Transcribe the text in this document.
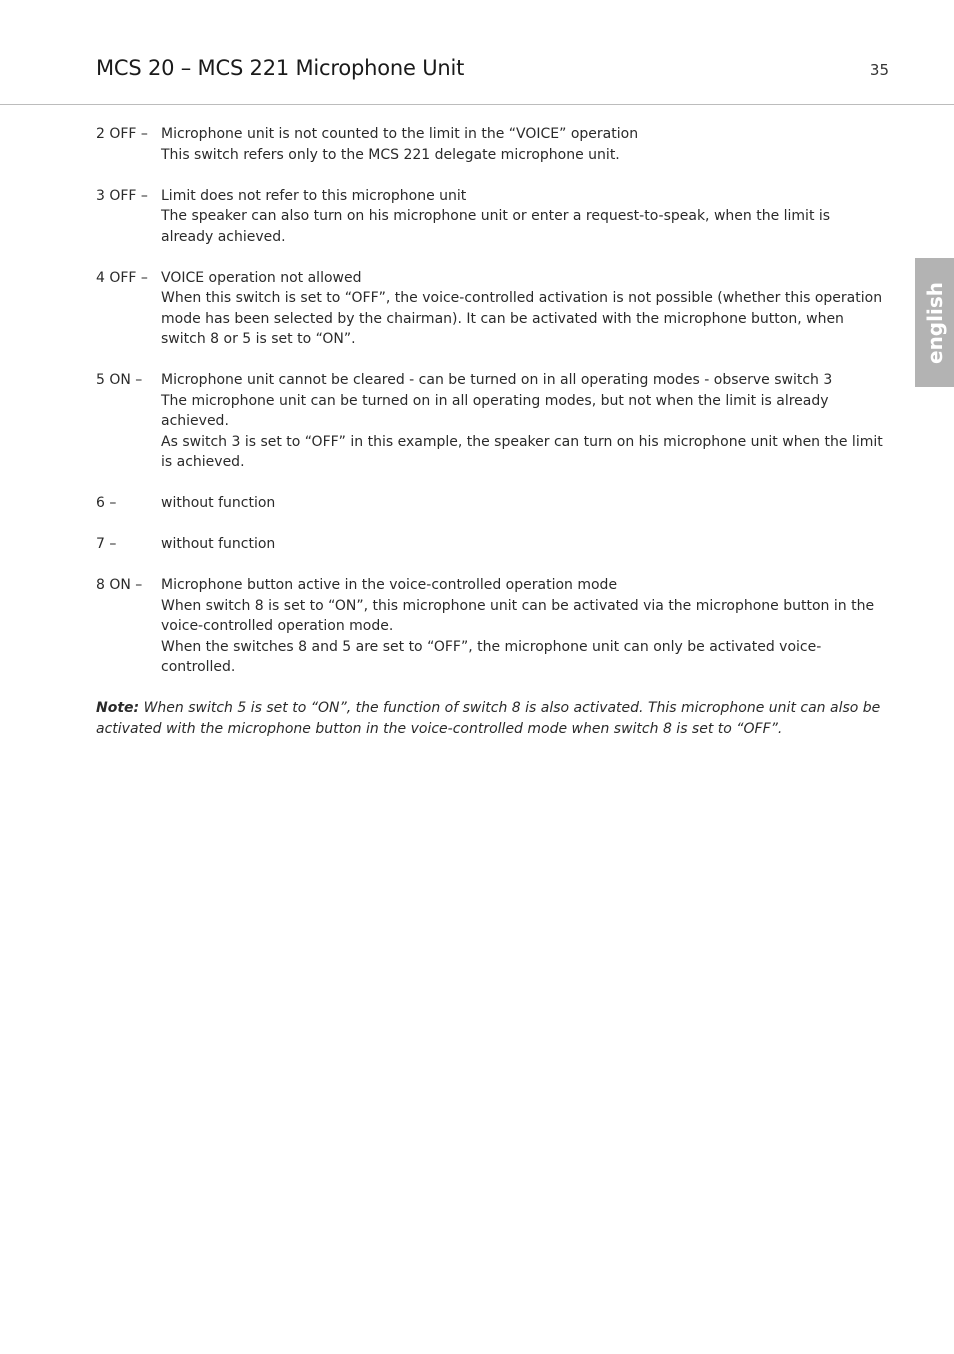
MCS 20 – MCS 221 Microphone Unit	35
english
2 OFF – Microphone unit is not counted to the limit in the “VOICE” operation

This switch refers only to the MCS 221 delegate microphone unit.

3 OFF – Limit does not refer to this microphone unit

The speaker can also turn on his microphone unit or enter a request-to-speak, when the limit is already achieved.

4 OFF – VOICE operation not allowed

When this switch is set to “OFF”, the voice-controlled activation is not possible (whether this operation mode has been selected by the chairman). It can be activated with the microphone button, when switch 8 or 5 is set to “ON”.

5 ON –	Microphone unit cannot be cleared - can be turned on in all operating modes - observe switch 3

The microphone unit can be turned on in all operating modes, but not when the limit is already achieved.

As switch 3 is set to “OFF” in this example, the speaker can turn on his microphone unit when the limit is achieved.

6 –	without function

7 –	without function

8 ON –	Microphone button active in the voice-controlled operation mode

When switch 8 is set to “ON”, this microphone unit can be activated via the microphone button in the voice-controlled operation mode.

When the switches 8 and 5 are set to “OFF”, the microphone unit can only be activated voice-controlled.

Note: When switch 5 is set to “ON”, the function of switch 8 is also activated. This microphone unit can also be activated with the microphone button in the voice-controlled mode when switch 8 is set to “OFF”.
